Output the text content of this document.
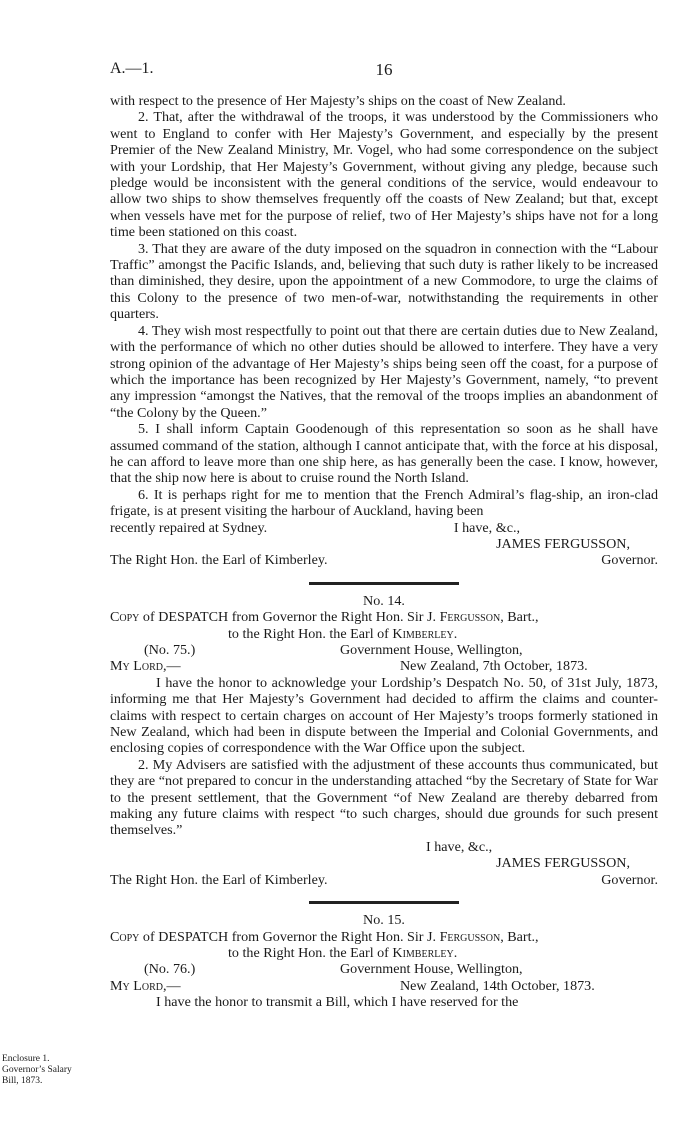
A.—1.	16

with respect to the presence of Her Majesty’s ships on the coast of New Zealand.

2. That, after the withdrawal of the troops, it was understood by the Commissioners who went to England to confer with Her Majesty’s Government, and especially by the present Premier of the New Zealand Ministry, Mr. Vogel, who had some correspondence on the subject with your Lordship, that Her Majesty’s Government, without giving any pledge, because such pledge would be inconsistent with the general conditions of the service, would endeavour to allow two ships to show themselves frequently off the coasts of New Zealand; but that, except when vessels have met for the purpose of relief, two of Her Majesty’s ships have not for a long time been stationed on this coast.

3. That they are aware of the duty imposed on the squadron in connection with the “Labour Traffic” amongst the Pacific Islands, and, believing that such duty is rather likely to be increased than diminished, they desire, upon the appointment of a new Commodore, to urge the claims of this Colony to the presence of two men-of-war, notwithstanding the requirements in other quarters.

4. They wish most respectfully to point out that there are certain duties due to New Zealand, with the performance of which no other duties should be allowed to interfere. They have a very strong opinion of the advantage of Her Majesty’s ships being seen off the coast, for a purpose of which the importance has been recognized by Her Majesty’s Government, namely, “to prevent any impression “amongst the Natives, that the removal of the troops implies an abandonment of “the Colony by the Queen.”

5. I shall inform Captain Goodenough of this representation so soon as he shall have assumed command of the station, although I cannot anticipate that, with the force at his disposal, he can afford to leave more than one ship here, as has generally been the case. I know, however, that the ship now here is about to cruise round the North Island.

6. It is perhaps right for me to mention that the French Admiral’s flag-ship, an iron-clad frigate, is at present visiting the harbour of Auckland, having been

recently repaired at Sydney.	I have, &c.,

JAMES FERGUSSON,

The Right Hon. the Earl of Kimberley.	Governor.

No. 14.

Copy of DESPATCH from Governor the Right Hon. Sir J. Fergusson, Bart.,

to the Right Hon. the Earl of Kimberley.

(No. 75.)	Government House, Wellington,
My Lord,—	New Zealand, 7th October, 1873.

I have the honor to acknowledge your Lordship’s Despatch No. 50, of 31st July, 1873, informing me that Her Majesty’s Government had decided to affirm the claims and counter-claims with respect to certain charges on account of Her Majesty’s troops formerly stationed in New Zealand, which had been in dispute between the Imperial and Colonial Governments, and enclosing copies of correspondence with the War Office upon the subject.

2. My Advisers are satisfied with the adjustment of these accounts thus communicated, but they are “not prepared to concur in the understanding attached “by the Secretary of State for War to the present settlement, that the Government “of New Zealand are thereby debarred from making any future claims with respect “to such charges, should due grounds for such present themselves.”

I have, &c.,

JAMES FERGUSSON,

The Right Hon. the Earl of Kimberley.	Governor.

No. 15.

Copy of DESPATCH from Governor the Right Hon. Sir J. Fergusson, Bart.,

to the Right Hon. the Earl of Kimberley.

(No. 76.)	Government House, Wellington,
My Lord,—	New Zealand, 14th October, 1873.

I have the honor to transmit a Bill, which I have reserved for the

Enclosure 1.
Governor’s Salary
Bill, 1873.
